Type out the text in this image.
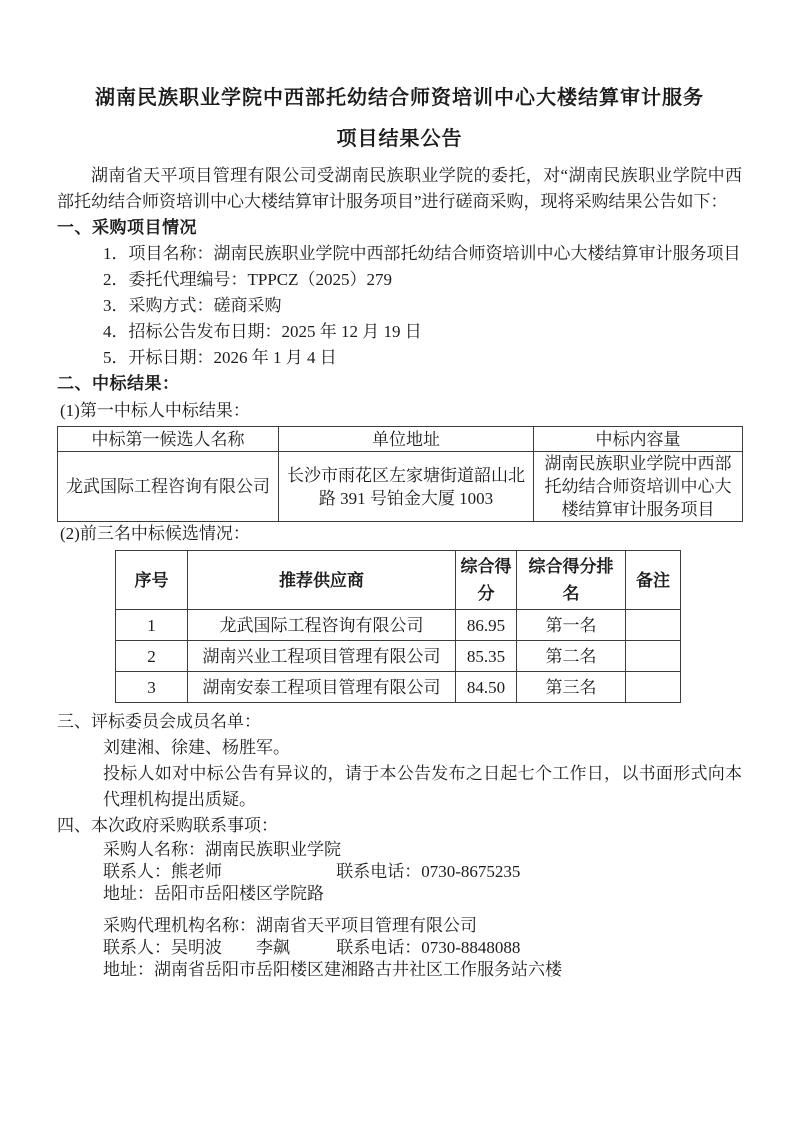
湖南民族职业学院中西部托幼结合师资培训中心大楼结算审计服务
项目结果公告

湖南省天平项目管理有限公司受湖南民族职业学院的委托，对“湖南民族职业学院中西部托幼结合师资培训中心大楼结算审计服务项目”进行磋商采购，现将采购结果公告如下：

一、采购项目情况
1．项目名称：湖南民族职业学院中西部托幼结合师资培训中心大楼结算审计服务项目
2．委托代理编号：TPPCZ（2025）279
3．采购方式：磋商采购
4．招标公告发布日期：2025 年 12 月 19 日
5．开标日期：2026 年 1 月 4 日
二、中标结果：
(1)第一中标人中标结果：
中标第一候选人名称	单位地址	中标内容量
龙武国际工程咨询有限公司	长沙市雨花区左家塘街道韶山北路 391 号铂金大厦 1003	湖南民族职业学院中西部托幼结合师资培训中心大楼结算审计服务项目
(2)前三名中标候选情况：
序号	推荐供应商	综合得分	综合得分排名	备注
1	龙武国际工程咨询有限公司	86.95	第一名	
2	湖南兴业工程项目管理有限公司	85.35	第二名	
3	湖南安泰工程项目管理有限公司	84.50	第三名	
三、评标委员会成员名单：
刘建湘、徐建、杨胜军。
投标人如对中标公告有异议的，请于本公告发布之日起七个工作日，以书面形式向本代理机构提出质疑。
四、本次政府采购联系事项：
采购人名称：湖南民族职业学院
联系人：熊老师	联系电话：0730-8675235
地址：岳阳市岳阳楼区学院路
采购代理机构名称：湖南省天平项目管理有限公司
联系人：吴明波　　李飙	联系电话：0730-8848088
地址：湖南省岳阳市岳阳楼区建湘路古井社区工作服务站六楼
